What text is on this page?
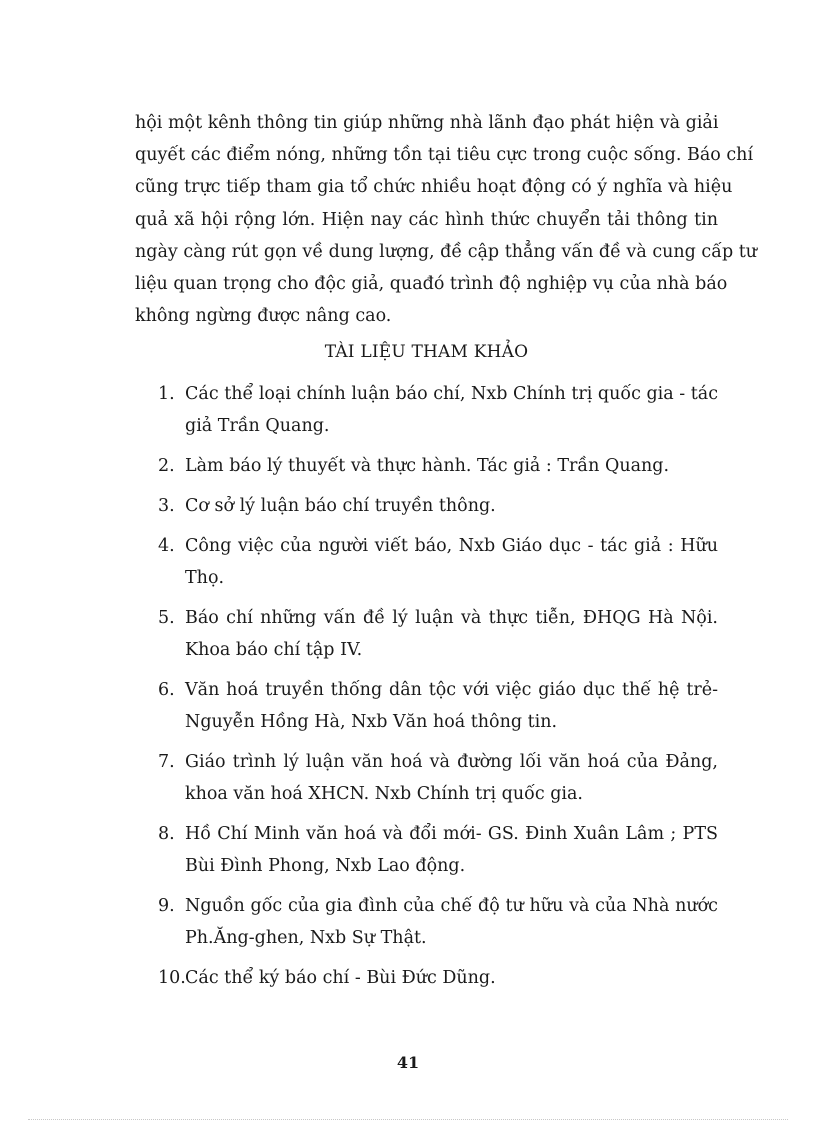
hội một kênh thông tin giúp những nhà lãnh đạo phát hiện và giải
quyết các điểm nóng, những tồn tại tiêu cực trong cuộc sống. Báo chí
cũng trực tiếp tham gia tổ chức nhiều hoạt động có ý nghĩa và hiệu
quả xã hội rộng lớn. Hiện nay các hình thức chuyển tải thông tin
ngày càng rút gọn về dung lượng, đề cập thẳng vấn đề và cung cấp tư
liệu quan trọng cho độc giả, quađó trình độ nghiệp vụ của nhà báo
không ngừng được nâng cao.

TÀI LIỆU THAM KHẢO
1. Các thể loại chính luận báo chí, Nxb Chính trị quốc gia - tác
giả Trần Quang.
2. Làm báo lý thuyết và thực hành. Tác giả : Trần Quang.
3. Cơ sở lý luận báo chí truyền thông.
4. Công việc của người viết báo, Nxb Giáo dục - tác giả : Hữu
Thọ.
5. Báo chí những vấn đề lý luận và thực tiễn, ĐHQG Hà Nội.
Khoa báo chí tập IV.
6. Văn hoá truyền thống dân tộc với việc giáo dục thế hệ trẻ-
Nguyễn Hồng Hà, Nxb Văn hoá thông tin.
7. Giáo trình lý luận văn hoá và đường lối văn hoá của Đảng,
khoa văn hoá XHCN. Nxb Chính trị quốc gia.
8. Hồ Chí Minh văn hoá và đổi mới- GS. Đinh Xuân Lâm ; PTS
Bùi Đình Phong, Nxb Lao động.
9. Nguồn gốc của gia đình của chế độ tư hữu và của Nhà nước
Ph.Ăng-ghen, Nxb Sự Thật.
10. Các thể ký báo chí - Bùi Đức Dũng.
41
